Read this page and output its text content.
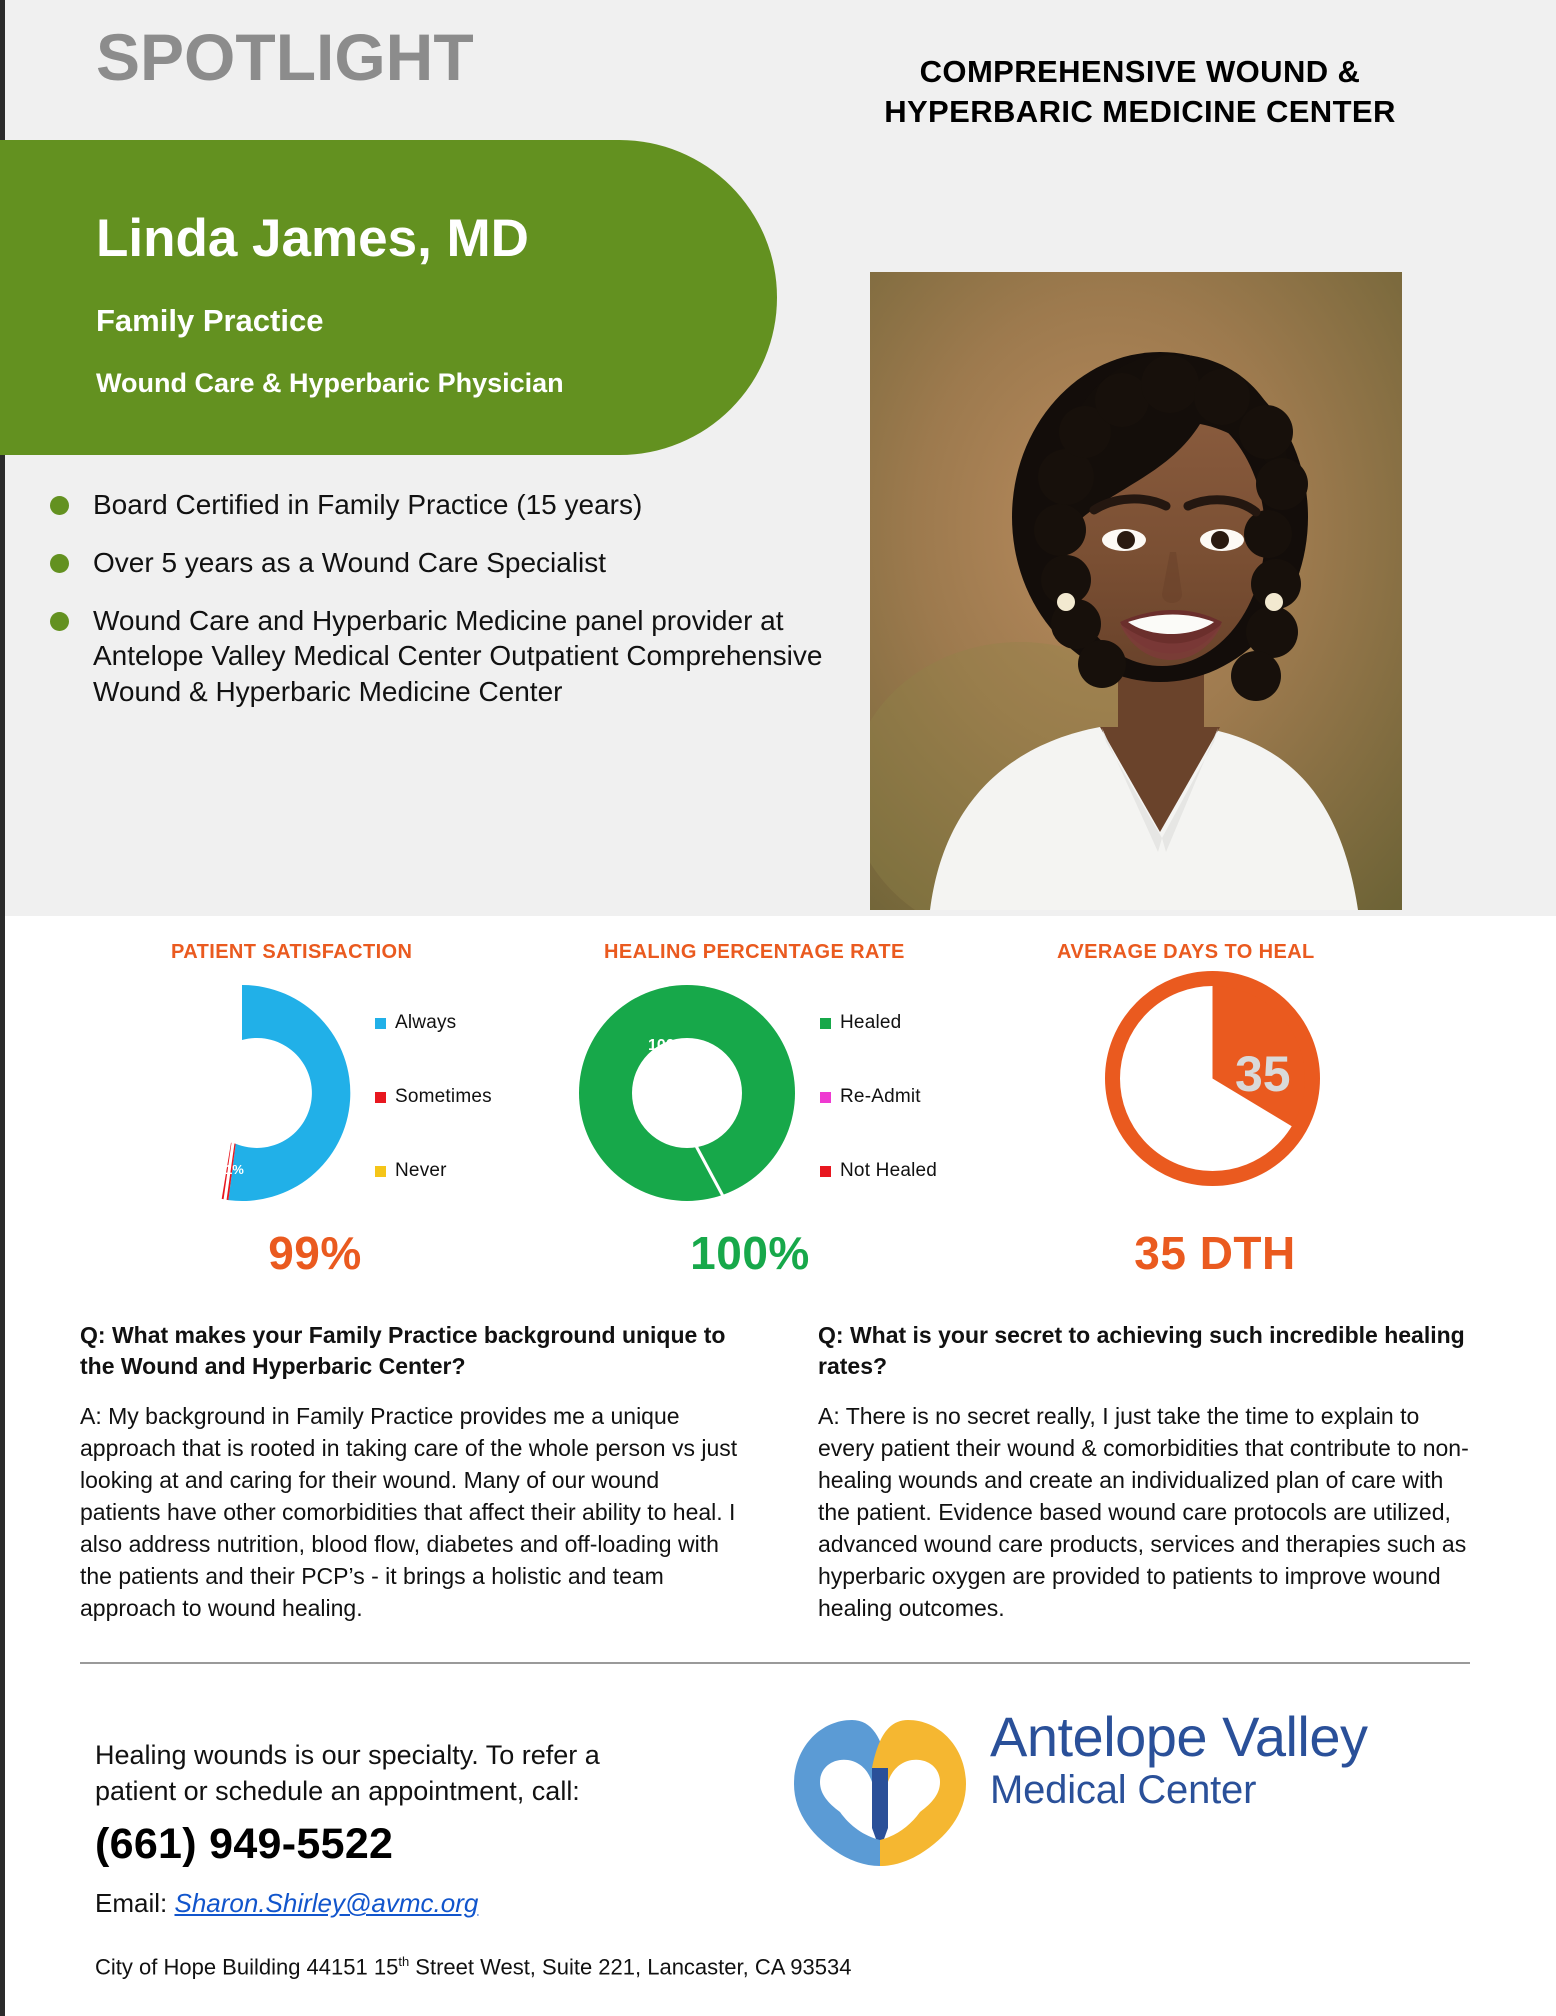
SPOTLIGHT	COMPREHENSIVE WOUND &
HYPERBARIC MEDICINE CENTER
Linda James, MD
Family Practice
Wound Care & Hyperbaric Physician
Board Certified in Family Practice (15 years)
Over 5 years as a Wound Care Specialist
Wound Care and Hyperbaric Medicine panel provider at Antelope Valley Medical Center Outpatient Comprehensive Wound & Hyperbaric Medicine Center
PATIENT SATISFACTION
99%
1%
Always
Sometimes
Never
99%
HEALING PERCENTAGE RATE
100%
Healed
Re-Admit
Not Healed
100%
AVERAGE DAYS TO HEAL
35
35 DTH

Q: What makes your Family Practice background unique to the Wound and Hyperbaric Center?

A: My background in Family Practice provides me a unique approach that is rooted in taking care of the whole person vs just looking at and caring for their wound. Many of our wound patients have other comorbidities that affect their ability to heal. I also address nutrition, blood flow, diabetes and off-loading with the patients and their PCP’s - it brings a holistic and team approach to wound healing.

Q: What is your secret to achieving such incredible healing rates?

A: There is no secret really, I just take the time to explain to every patient their wound & comorbidities that contribute to non-healing wounds and create an individualized plan of care with the patient. Evidence based wound care protocols are utilized, advanced wound care products, services and therapies such as hyperbaric oxygen are provided to patients to improve wound healing outcomes.

Healing wounds is our specialty. To refer a patient or schedule an appointment, call:
(661) 949-5522
Email: Sharon.Shirley@avmc.org
City of Hope Building 44151 15th Street West, Suite 221, Lancaster, CA 93534
Antelope Valley
Medical Center
